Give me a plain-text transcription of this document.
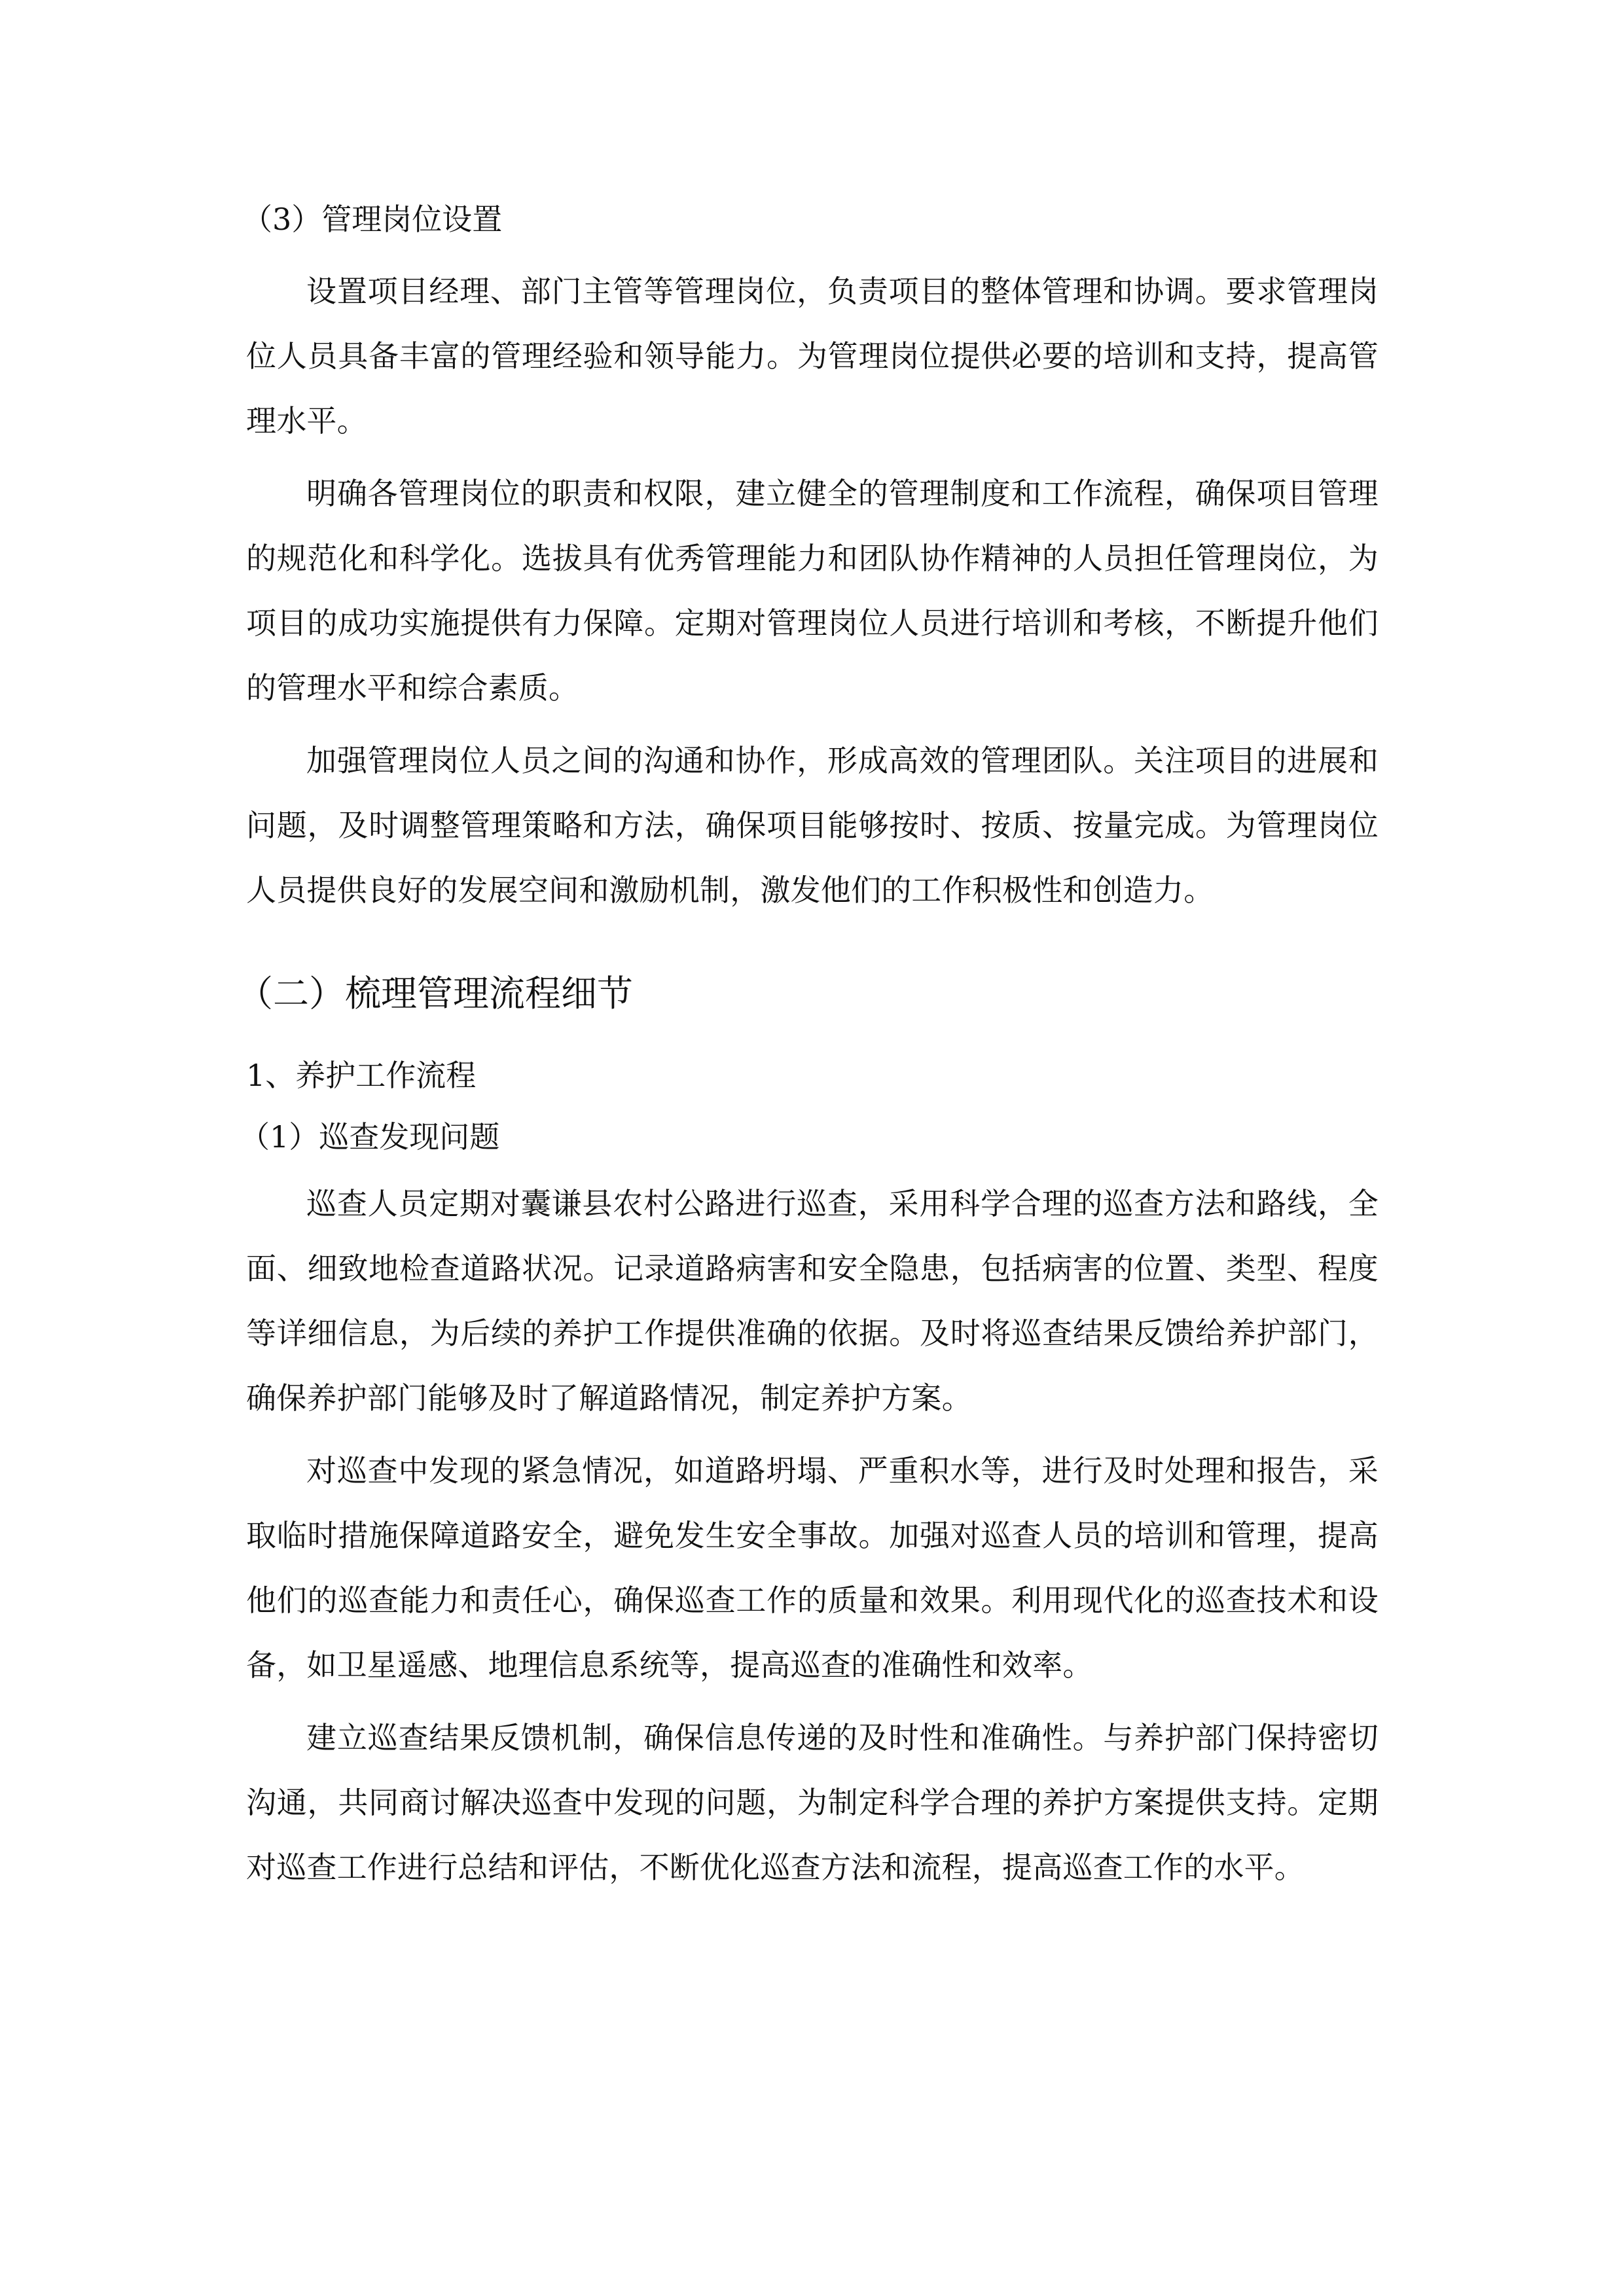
（3）管理岗位设置

设置项目经理、部门主管等管理岗位，负责项目的整体管理和协调。要求管理岗位人员具备丰富的管理经验和领导能力。为管理岗位提供必要的培训和支持，提高管理水平。

明确各管理岗位的职责和权限，建立健全的管理制度和工作流程，确保项目管理的规范化和科学化。选拔具有优秀管理能力和团队协作精神的人员担任管理岗位，为项目的成功实施提供有力保障。定期对管理岗位人员进行培训和考核，不断提升他们的管理水平和综合素质。

加强管理岗位人员之间的沟通和协作，形成高效的管理团队。关注项目的进展和问题，及时调整管理策略和方法，确保项目能够按时、按质、按量完成。为管理岗位人员提供良好的发展空间和激励机制，激发他们的工作积极性和创造力。

（二）梳理管理流程细节

1、养护工作流程

（1）巡查发现问题

巡查人员定期对囊谦县农村公路进行巡查，采用科学合理的巡查方法和路线，全面、细致地检查道路状况。记录道路病害和安全隐患，包括病害的位置、类型、程度等详细信息，为后续的养护工作提供准确的依据。及时将巡查结果反馈给养护部门，确保养护部门能够及时了解道路情况，制定养护方案。

对巡查中发现的紧急情况，如道路坍塌、严重积水等，进行及时处理和报告，采取临时措施保障道路安全，避免发生安全事故。加强对巡查人员的培训和管理，提高他们的巡查能力和责任心，确保巡查工作的质量和效果。利用现代化的巡查技术和设备，如卫星遥感、地理信息系统等，提高巡查的准确性和效率。

建立巡查结果反馈机制，确保信息传递的及时性和准确性。与养护部门保持密切沟通，共同商讨解决巡查中发现的问题，为制定科学合理的养护方案提供支持。定期对巡查工作进行总结和评估，不断优化巡查方法和流程，提高巡查工作的水平。
